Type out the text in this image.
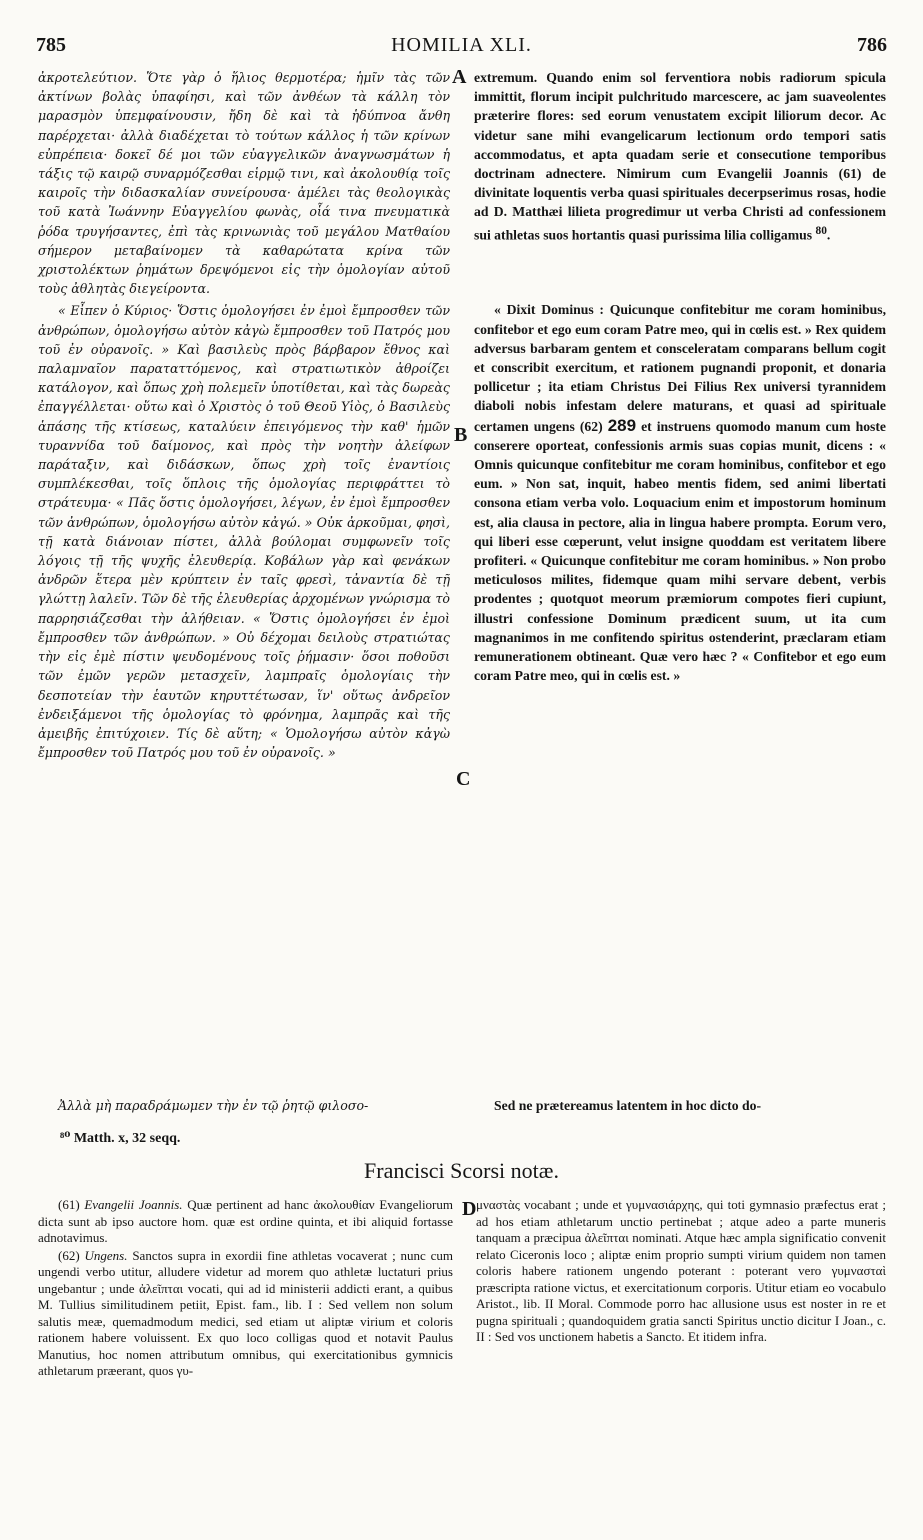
785	HOMILIA XLI.	786

ἀκροτελεύτιον. Ὅτε γὰρ ὁ ἥλιος θερμοτέρα; ἡμῖν τὰς τῶν ἀκτίνων βολὰς ὑπαφίησι, καὶ τῶν ἀνθέων τὰ κάλλη τὸν μαρασμὸν ὑπεμφαίνουσιν, ἤδη δὲ καὶ τὰ ἡδύπνοα ἄνθη παρέρχεται· ἀλλὰ διαδέχεται τὸ τούτων κάλλος ἡ τῶν κρίνων εὐπρέπεια· δοκεῖ δέ μοι τῶν εὐαγγελικῶν ἀναγνωσμάτων ἡ τάξις τῷ καιρῷ συναρμόζεσθαι εἱρμῷ τινι, καὶ ἀκολουθίᾳ τοῖς καιροῖς τὴν διδασκαλίαν συνείρουσα· ἀμέλει τὰς θεολογικὰς τοῦ κατὰ Ἰωάννην Εὐαγγελίου φωνὰς, οἷά τινα πνευματικὰ ῥόδα τρυγήσαντες, ἐπὶ τὰς κρινωνιὰς τοῦ μεγάλου Ματθαίου σήμερον μεταβαίνομεν τὰ καθαρώτατα κρίνα τῶν χριστολέκτων ῥημάτων δρεψόμενοι εἰς τὴν ὁμολογίαν αὐτοῦ τοὺς ἀθλητὰς διεγείροντα.

« Εἶπεν ὁ Κύριος· Ὅστις ὁμολογήσει ἐν ἐμοὶ ἔμπροσθεν τῶν ἀνθρώπων, ὁμολογήσω αὐτὸν κἀγὼ ἔμπροσθεν τοῦ Πατρός μου τοῦ ἐν οὐρανοῖς. » Καὶ βασιλεὺς πρὸς βάρβαρον ἔθνος καὶ παλαμναῖον παραταττόμενος, καὶ στρατιωτικὸν ἀθροίζει κατάλογον, καὶ ὅπως χρὴ πολεμεῖν ὑποτίθεται, καὶ τὰς δωρεὰς ἐπαγγέλλεται· οὕτω καὶ ὁ Χριστὸς ὁ τοῦ Θεοῦ Υἱὸς, ὁ Βασιλεὺς ἁπάσης τῆς κτίσεως, καταλύειν ἐπειγόμενος τὴν καθ' ἡμῶν τυραννίδα τοῦ δαίμονος, καὶ πρὸς τὴν νοητὴν ἀλείφων παράταξιν, καὶ διδάσκων, ὅπως χρὴ τοῖς ἐναντίοις συμπλέκεσθαι, τοῖς ὅπλοις τῆς ὁμολογίας περιφράττει τὸ στράτευμα· « Πᾶς ὅστις ὁμολογήσει, λέγων, ἐν ἐμοὶ ἔμπροσθεν τῶν ἀνθρώπων, ὁμολογήσω αὐτὸν κἀγώ. » Οὐκ ἀρκοῦμαι, φησὶ, τῇ κατὰ διάνοιαν πίστει, ἀλλὰ βούλομαι συμφωνεῖν τοῖς λόγοις τῇ τῆς ψυχῆς ἐλευθερίᾳ. Κοβάλων γὰρ καὶ φενάκων ἀνδρῶν ἕτερα μὲν κρύπτειν ἐν ταῖς φρεσὶ, τἀναντία δὲ τῇ γλώττῃ λαλεῖν. Τῶν δὲ τῆς ἐλευθερίας ἀρχομένων γνώρισμα τὸ παρρησιάζεσθαι τὴν ἀλήθειαν. « Ὅστις ὁμολογήσει ἐν ἐμοὶ ἔμπροσθεν τῶν ἀνθρώπων. » Οὐ δέχομαι δειλοὺς στρατιώτας τὴν εἰς ἐμὲ πίστιν ψευδομένους τοῖς ῥήμασιν· ὅσοι ποθοῦσι τῶν ἐμῶν γερῶν μετασχεῖν, λαμπραῖς ὁμολογίαις τὴν δεσποτείαν τὴν ἑαυτῶν κηρυττέτωσαν, ἵν' οὕτως ἀνδρεῖον ἐνδειξάμενοι τῆς ὁμολογίας τὸ φρόνημα, λαμπρᾶς καὶ τῆς ἀμειβῆς ἐπιτύχοιεν. Τίς δὲ αὕτη; « Ὁμολογήσω αὐτὸν κἀγὼ ἔμπροσθεν τοῦ Πατρός μου τοῦ ἐν οὐρανοῖς. »

Ἀλλὰ μὴ παραδράμωμεν τὴν ἐν τῷ ῥητῷ φιλοσο-

A
B
C
D

extremum. Quando enim sol ferventiora nobis radiorum spicula immittit, florum incipit pulchritudo marcescere, ac jam suaveolentes præterire flores: sed eorum venustatem excipit liliorum decor. Ac videtur sane mihi evangelicarum lectionum ordo tempori satis accommodatus, et apta quadam serie et consecutione temporibus doctrinam adnectere. Nimirum cum Evangelii Joannis (61) de divinitate loquentis verba quasi spirituales decerpserimus rosas, hodie ad D. Matthæi lilieta progredimur ut verba Christi ad confessionem sui athletas suos hortantis quasi purissima lilia colligamus $^{80}$.

« Dixit Dominus : Quicunque confitebitur me coram hominibus, confitebor et ego eum coram Patre meo, qui in cœlis est. » Rex quidem adversus barbaram gentem et consceleratam comparans bellum cogit et conscribit exercitum, et rationem pugnandi proponit, et donaria pollicetur ; ita etiam Christus Dei Filius Rex universi tyrannidem diaboli nobis infestam delere maturans, et quasi ad spirituale certamen ungens (62) 289 et instruens quomodo manum cum hoste conserere oporteat, confessionis armis suas copias munit, dicens : « Omnis quicunque confitebitur me coram hominibus, confitebor et ego eum. » Non sat, inquit, habeo mentis fidem, sed animi libertati consona etiam verba volo. Loquacium enim et impostorum hominum est, alia clausa in pectore, alia in lingua habere prompta. Eorum vero, qui liberi esse cœperunt, velut insigne quoddam est veritatem libere profiteri. « Quicunque confitebitur me coram hominibus. » Non probo meticulosos milites, fidemque quam mihi servare debent, verbis prodentes ; quotquot meorum præmiorum compotes fieri cupiunt, illustri confessione Dominum prædicent suum, ut ita cum magnanimos in me confitendo spiritus ostenderint, præclaram etiam remunerationem obtineant. Quæ vero hæc ? « Confitebor et ego eum coram Patre meo, qui in cœlis est. »

Sed ne prætereamus latentem in hoc dicto do-

⁸⁰ Matth. x, 32 seqq.
Francisci Scorsi notæ.

(61) Evangelii Joannis. Quæ pertinent ad hanc ἀκολουθίαν Evangeliorum dicta sunt ab ipso auctore hom. quæ est ordine quinta, et ibi aliquid fortasse adnotavimus.

(62) Ungens. Sanctos supra in exordii fine athletas vocaverat ; nunc cum ungendi verbo utitur, alludere videtur ad morem quo athletæ luctaturi prius ungebantur ; unde ἀλεῖπται vocati, qui ad id ministerii addicti erant, a quibus M. Tullius similitudinem petiit, Epist. fam., lib. I : Sed vellem non solum salutis meæ, quemadmodum medici, sed etiam ut aliptæ virium et coloris rationem habere voluissent. Ex quo loco colligas quod et notavit Paulus Manutius, hoc nomen attributum omnibus, qui exercitationibus gymnicis athletarum præerant, quos γυ-

μναστὰς vocabant ; unde et γυμνασιάρχης, qui toti gymnasio præfectus erat ; ad hos etiam athletarum unctio pertinebat ; atque adeo a parte muneris tanquam a præcipua ἀλεῖπται nominati. Atque hæc ampla significatio convenit relato Ciceronis loco ; aliptæ enim proprio sumpti virium quidem non tamen coloris habere rationem ungendo poterant : poterant vero γυμνασταὶ præscripta ratione victus, et exercitationum corporis. Utitur etiam eo vocabulo Aristot., lib. II Moral. Commode porro hac allusione usus est noster in re et pugna spirituali ; quandoquidem gratia sancti Spiritus unctio dicitur I Joan., c. II : Sed vos unctionem habetis a Sancto. Et itidem infra.
